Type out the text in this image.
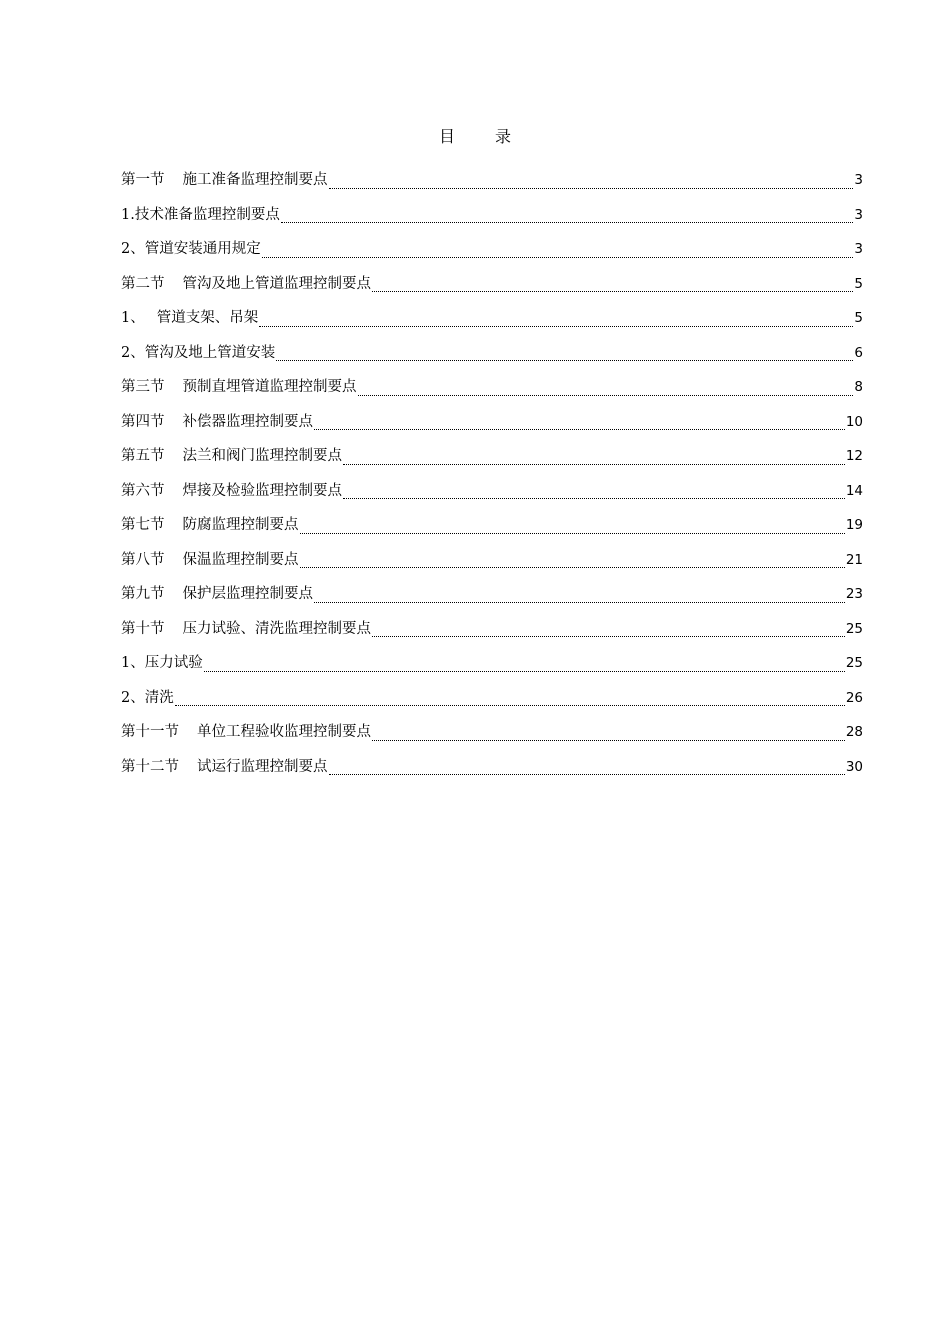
目	录
第一节 施工准备监理控制要点	3
1.技术准备监理控制要点	3
2、管道安装通用规定	3
第二节 管沟及地上管道监理控制要点	5
1、 管道支架、吊架	5
2、管沟及地上管道安装	6
第三节 预制直埋管道监理控制要点	8
第四节 补偿器监理控制要点	10
第五节 法兰和阀门监理控制要点	12
第六节 焊接及检验监理控制要点	14
第七节 防腐监理控制要点	19
第八节 保温监理控制要点	21
第九节 保护层监理控制要点	23
第十节 压力试验、清洗监理控制要点	25
1、压力试验	25
2、清洗	26
第十一节 单位工程验收监理控制要点	28
第十二节 试运行监理控制要点	30
